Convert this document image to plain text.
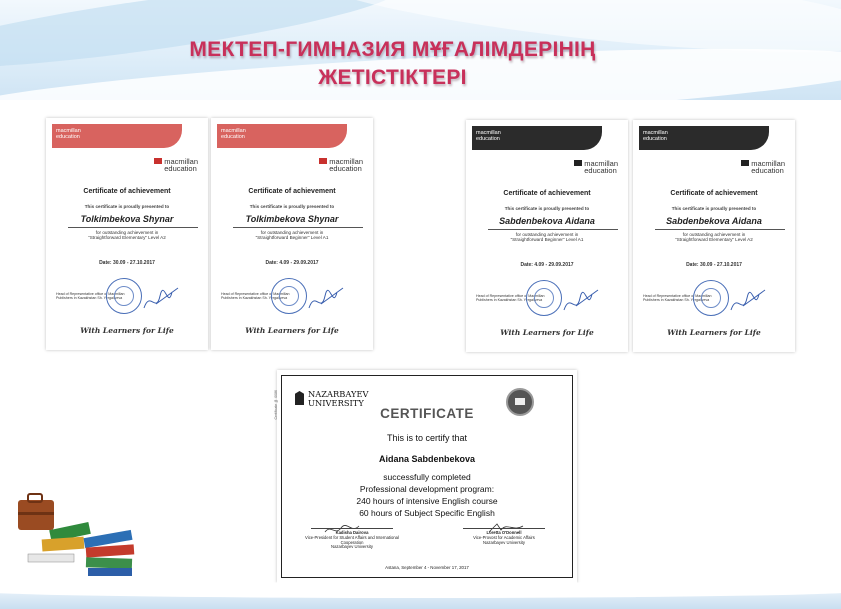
МЕКТЕП-ГИМНАЗИЯ МҰҒАЛІМДЕРІНІҢ
ЖЕТІСТІКТЕРІ
macmillan
education
macmillan
education
Certificate of achievement
This certificate is proudly presented to
Tolkimbekova Shynar
for outstanding achievement in
“Straightforward Elementary” Level A2
Date: 30.09 - 27.10.2017
Head of Representative office of Macmillan Publishers in Kazakhstan Sh. Yergaliyeva
With Learners for Life
macmillan
education
macmillan
education
Certificate of achievement
This certificate is proudly presented to
Tolkimbekova Shynar
for outstanding achievement in
“Straightforward Beginner” Level A1
Date: 4.09 - 29.09.2017
Head of Representative office of Macmillan Publishers in Kazakhstan Sh. Yergaliyeva
With Learners for Life
macmillan
education
macmillan
education
Certificate of achievement
This certificate is proudly presented to
Sabdenbekova Aidana
for outstanding achievement in
“Straightforward Beginner” Level A1
Date: 4.09 - 29.09.2017
Head of Representative office of Macmillan Publishers in Kazakhstan Sh. Yergaliyeva
With Learners for Life
macmillan
education
macmillan
education
Certificate of achievement
This certificate is proudly presented to
Sabdenbekova Aidana
for outstanding achievement in
“Straightforward Elementary” Level A2
Date: 30.09 - 27.10.2017
Head of Representative office of Macmillan Publishers in Kazakhstan Sh. Yergaliyeva
With Learners for Life
Certificate № 0086	NAZARBAYEV
UNIVERSITY
CERTIFICATE
This is to certify that
Aidana Sabdenbekova
successfully completed
Professional development program:
240 hours of intensive English course
60 hours of Subject Specific English
Kadisha Dairova
Vice-President for Student Affairs and International Cooperation
Nazarbayev University
Loretta O'Donnell
Vice-Provost for Academic Affairs
Nazarbayev University
Astana, September 4 - November 17, 2017
